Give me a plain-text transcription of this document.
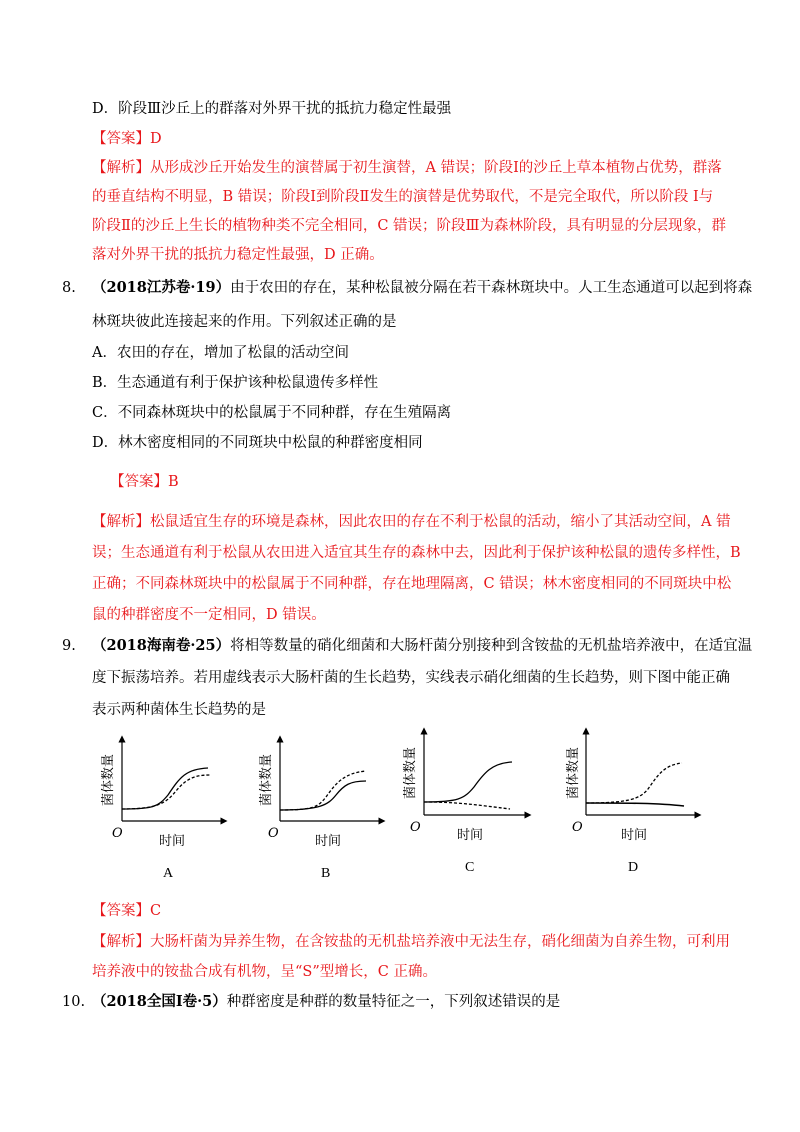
D．阶段Ⅲ沙丘上的群落对外界干扰的抵抗力稳定性最强
【答案】D
【解析】从形成沙丘开始发生的演替属于初生演替，A 错误；阶段Ⅰ的沙丘上草本植物占优势，群落
的垂直结构不明显，B 错误；阶段Ⅰ到阶段Ⅱ发生的演替是优势取代，不是完全取代，所以阶段 Ⅰ与
阶段Ⅱ的沙丘上生长的植物种类不完全相同，C 错误；阶段Ⅲ为森林阶段，具有明显的分层现象，群
落对外界干扰的抵抗力稳定性最强，D 正确。
8. （2018江苏卷·19）由于农田的存在，某种松鼠被分隔在若干森林斑块中。人工生态通道可以起到将森
林斑块彼此连接起来的作用。下列叙述正确的是
A．农田的存在，增加了松鼠的活动空间
B．生态通道有利于保护该种松鼠遗传多样性
C．不同森林斑块中的松鼠属于不同种群，存在生殖隔离
D．林木密度相同的不同斑块中松鼠的种群密度相同
【答案】B
【解析】松鼠适宜生存的环境是森林，因此农田的存在不利于松鼠的活动，缩小了其活动空间，A 错
误；生态通道有利于松鼠从农田进入适宜其生存的森林中去，因此利于保护该种松鼠的遗传多样性，B
正确；不同森林斑块中的松鼠属于不同种群，存在地理隔离，C 错误；林木密度相同的不同斑块中松
鼠的种群密度不一定相同，D 错误。
9. （2018海南卷·25）将相等数量的硝化细菌和大肠杆菌分别接种到含铵盐的无机盐培养液中，在适宜温
度下振荡培养。若用虚线表示大肠杆菌的生长趋势，实线表示硝化细菌的生长趋势，则下图中能正确
表示两种菌体生长趋势的是
菌体数量
O
时间
A
菌体数量
O
时间
B
菌体数量
O
时间
C
菌体数量
O
时间
D
【答案】C
【解析】大肠杆菌为异养生物，在含铵盐的无机盐培养液中无法生存，硝化细菌为自养生物，可利用
培养液中的铵盐合成有机物，呈“S”型增长，C 正确。
10. （2018全国Ⅰ卷·5）种群密度是种群的数量特征之一，下列叙述错误的是
